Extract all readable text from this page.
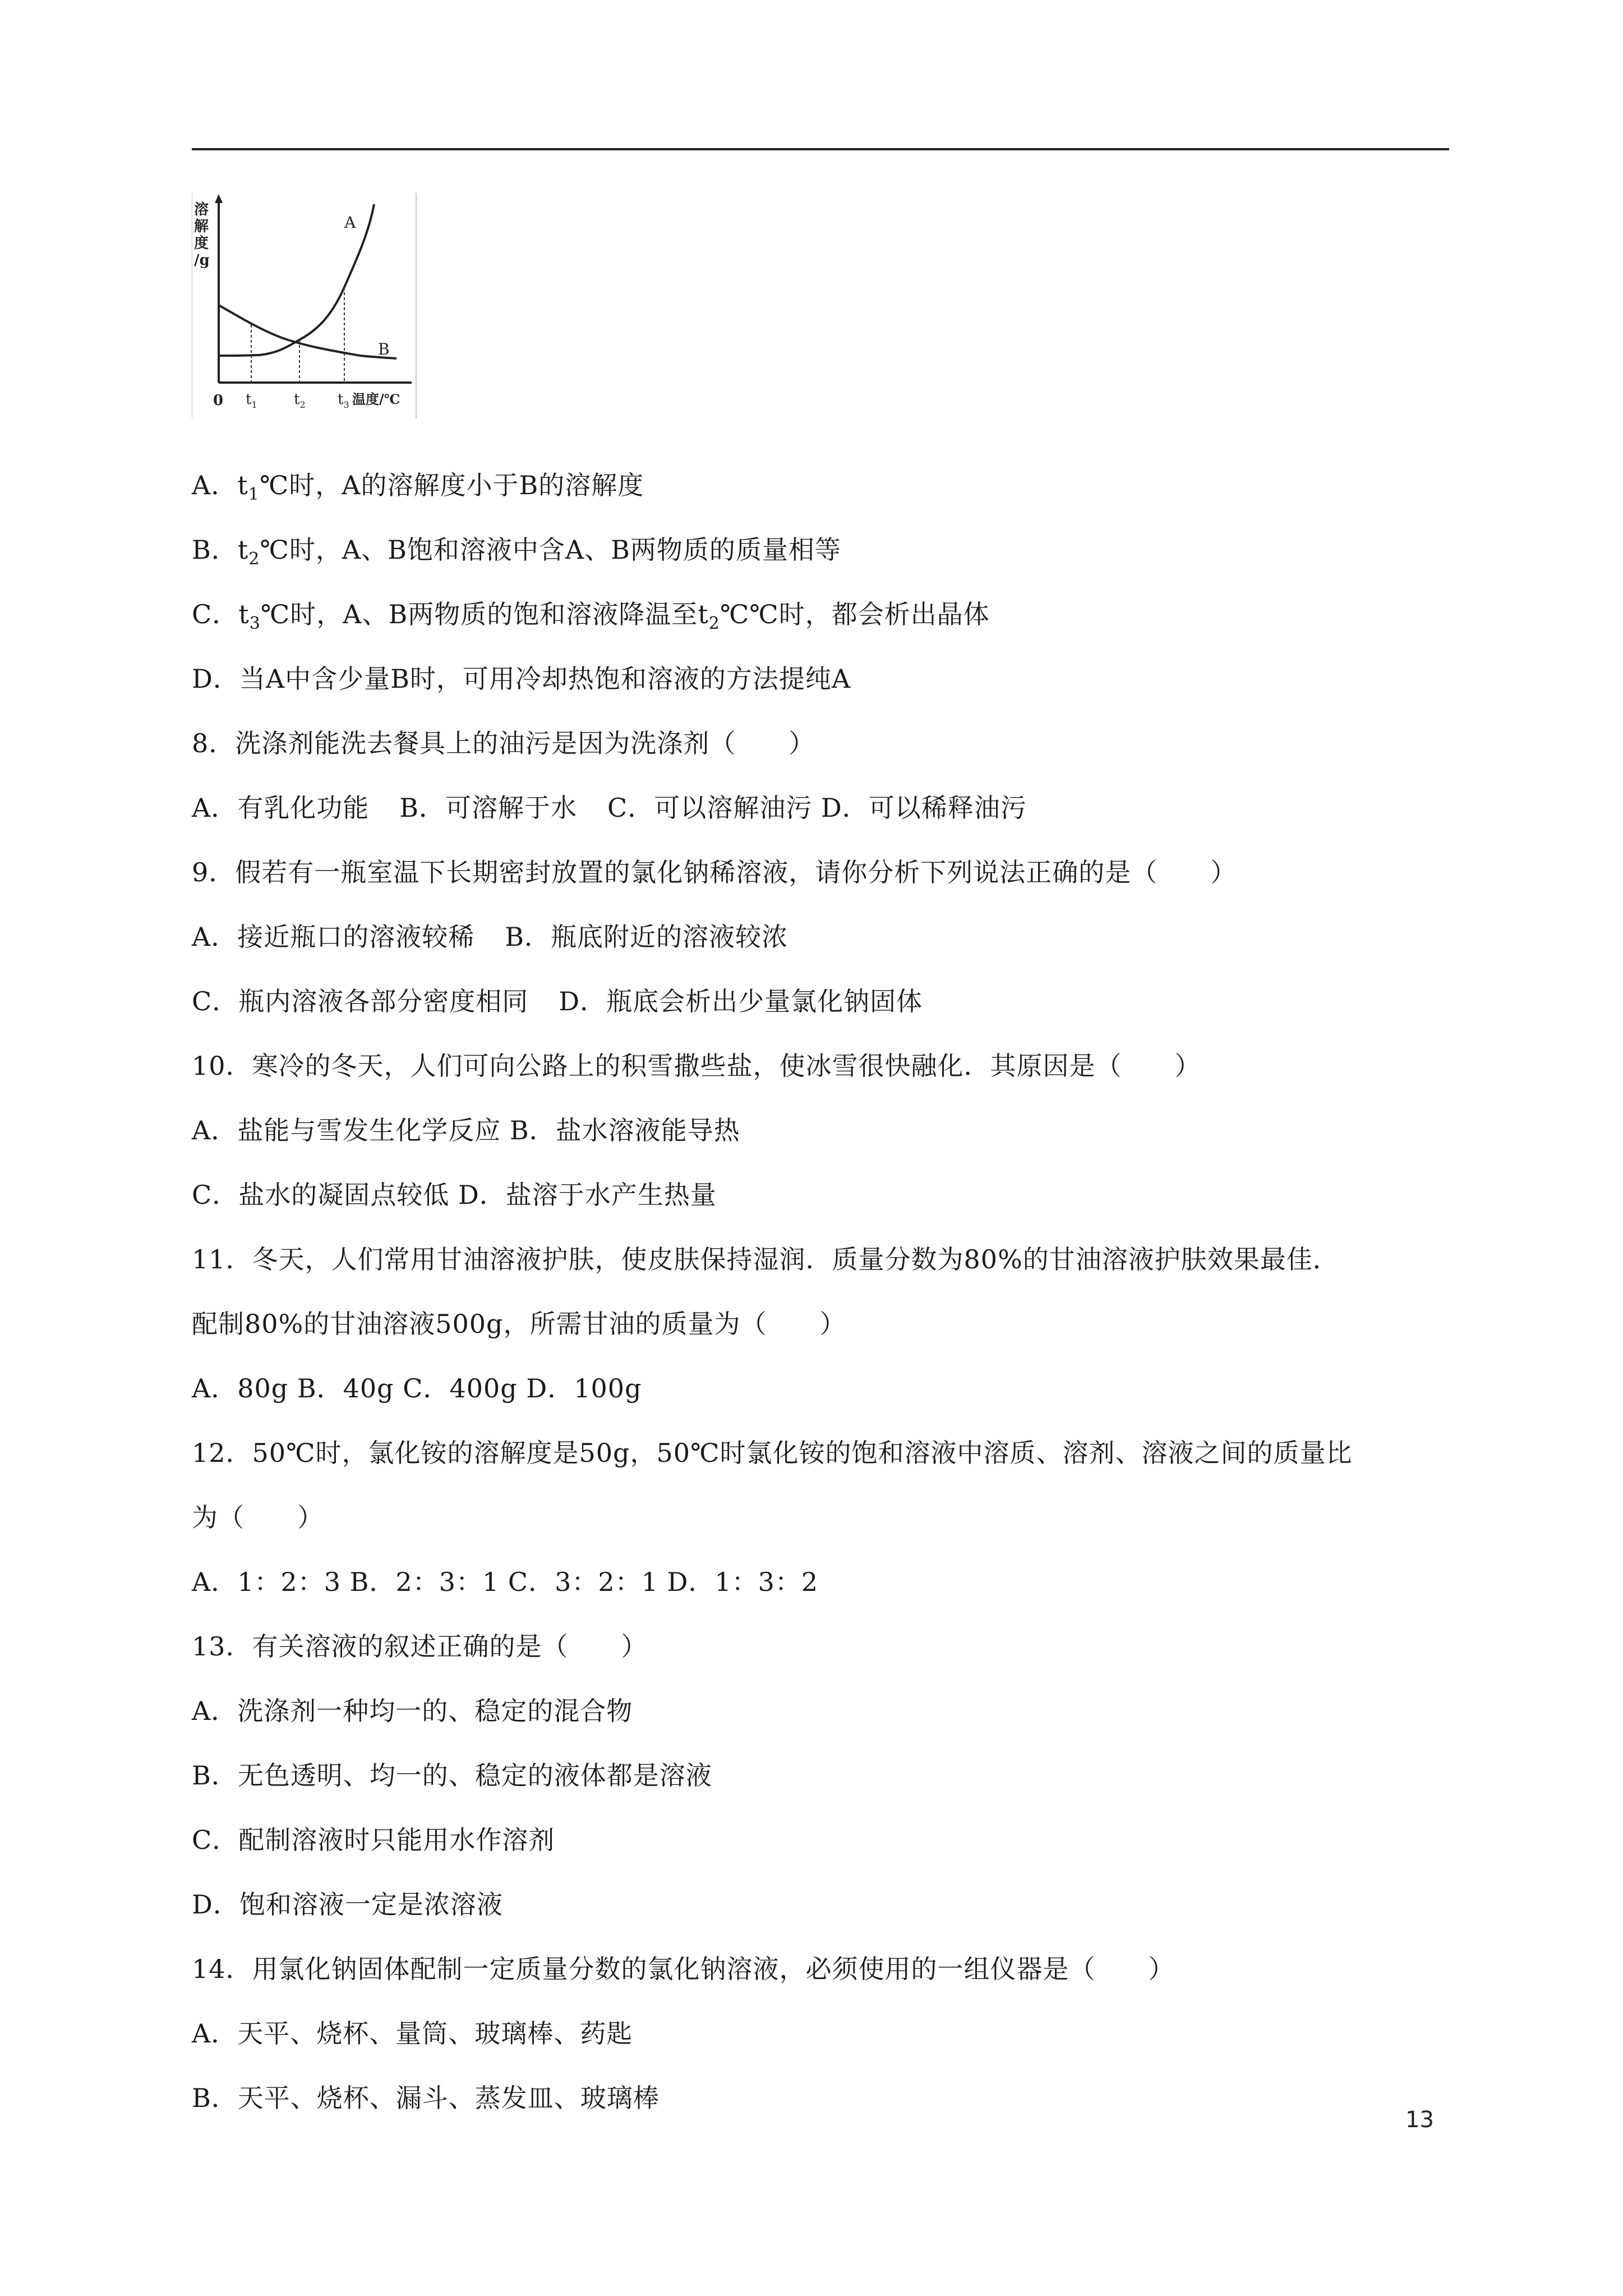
溶
解
度
/g
A
B
0 $t_1$	$t_2$ $t_3$ 温度/℃
A．$t_1℃$时，A的溶解度小于B的溶解度
B．$t_2℃$时，A、B饱和溶液中含A、B两物质的质量相等
C．$t_3℃$时，A、B两物质的饱和溶液降温至$t_2℃℃$时，都会析出晶体
D．当A中含少量B时，可用冷却热饱和溶液的方法提纯A
8．洗涤剂能洗去餐具上的油污是因为洗涤剂（　　）
A．有乳化功能 B．可溶解于水 C．可以溶解油污 D．可以稀释油污
9．假若有一瓶室温下长期密封放置的氯化钠稀溶液，请你分析下列说法正确的是（　　）
A．接近瓶口的溶液较稀 B．瓶底附近的溶液较浓
C．瓶内溶液各部分密度相同 D．瓶底会析出少量氯化钠固体
10．寒冷的冬天，人们可向公路上的积雪撒些盐，使冰雪很快融化．其原因是（　　）
A．盐能与雪发生化学反应 B．盐水溶液能导热
C．盐水的凝固点较低 D．盐溶于水产生热量
11．冬天，人们常用甘油溶液护肤，使皮肤保持湿润．质量分数为80%的甘油溶液护肤效果最佳．
配制80%的甘油溶液500g，所需甘油的质量为（　　）
A．80g B．40g C．400g D．100g
12．50℃时，氯化铵的溶解度是50g，50℃时氯化铵的饱和溶液中溶质、溶剂、溶液之间的质量比
为（　　）
A．1：2：3 B．2：3：1 C．3：2：1 D．1：3：2
13．有关溶液的叙述正确的是（　　）
A．洗涤剂一种均一的、稳定的混合物
B．无色透明、均一的、稳定的液体都是溶液
C．配制溶液时只能用水作溶剂
D．饱和溶液一定是浓溶液
14．用氯化钠固体配制一定质量分数的氯化钠溶液，必须使用的一组仪器是（　　）
A．天平、烧杯、量筒、玻璃棒、药匙
B．天平、烧杯、漏斗、蒸发皿、玻璃棒
13
